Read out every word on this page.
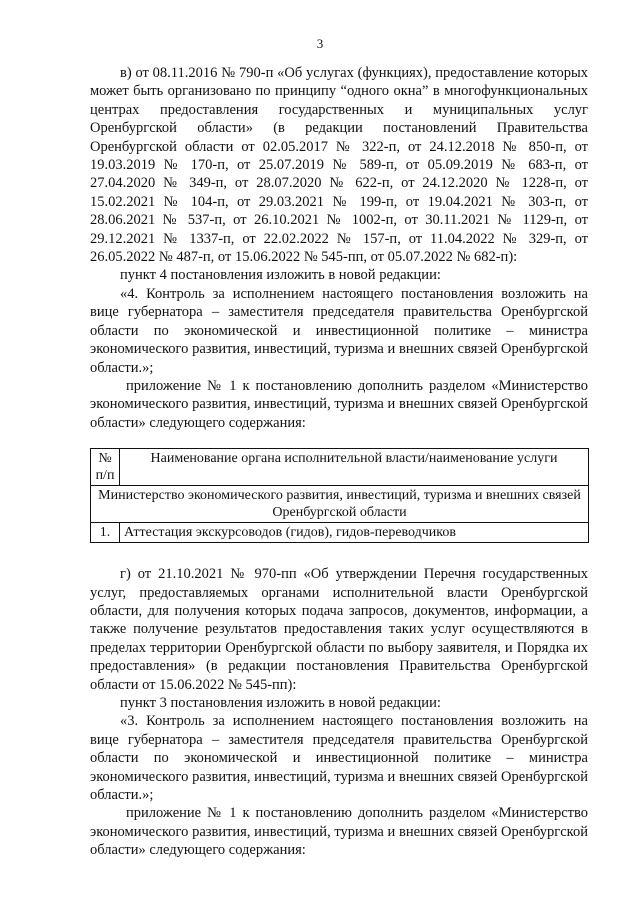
3

в) от 08.11.2016 № 790-п «Об услугах (функциях), предоставление которых может быть организовано по принципу “одного окна” в многофункциональных центрах предоставления государственных и муниципальных услуг Оренбургской области» (в редакции постановлений Правительства Оренбургской области от 02.05.2017 № 322-п, от 24.12.2018 № 850-п, от 19.03.2019 № 170-п, от 25.07.2019 № 589-п, от 05.09.2019 № 683-п, от 27.04.2020 № 349-п, от 28.07.2020 № 622-п, от 24.12.2020 № 1228-п, от 15.02.2021 № 104-п, от 29.03.2021 № 199-п, от 19.04.2021 № 303-п, от 28.06.2021 № 537-п, от 26.10.2021 № 1002-п, от 30.11.2021 № 1129-п, от 29.12.2021 № 1337-п, от 22.02.2022 № 157-п, от 11.04.2022 № 329-п, от 26.05.2022 № 487-п, от 15.06.2022 № 545-пп, от 05.07.2022 № 682-п):

пункт 4 постановления изложить в новой редакции:

«4. Контроль за исполнением настоящего постановления возложить на вице губернатора – заместителя председателя правительства Оренбургской области по экономической и инвестиционной политике – министра экономического развития, инвестиций, туризма и внешних связей Оренбургской области.»;

приложение № 1 к постановлению дополнить разделом «Министерство экономического развития, инвестиций, туризма и внешних связей Оренбургской области» следующего содержания:

№ п/п	Наименование органа исполнительной власти/наименование услуги
Министерство экономического развития, инвестиций, туризма и внешних связей Оренбургской области	
1.	Аттестация экскурсоводов (гидов), гидов-переводчиков

г) от 21.10.2021 № 970-пп «Об утверждении Перечня государственных услуг, предоставляемых органами исполнительной власти Оренбургской области, для получения которых подача запросов, документов, информации, а также получение результатов предоставления таких услуг осуществляются в пределах территории Оренбургской области по выбору заявителя, и Порядка их предоставления» (в редакции постановления Правительства Оренбургской области от 15.06.2022 № 545-пп):

пункт 3 постановления изложить в новой редакции:

«3. Контроль за исполнением настоящего постановления возложить на вице губернатора – заместителя председателя правительства Оренбургской области по экономической и инвестиционной политике – министра экономического развития, инвестиций, туризма и внешних связей Оренбургской области.»;

приложение № 1 к постановлению дополнить разделом «Министерство экономического развития, инвестиций, туризма и внешних связей Оренбургской области» следующего содержания:
